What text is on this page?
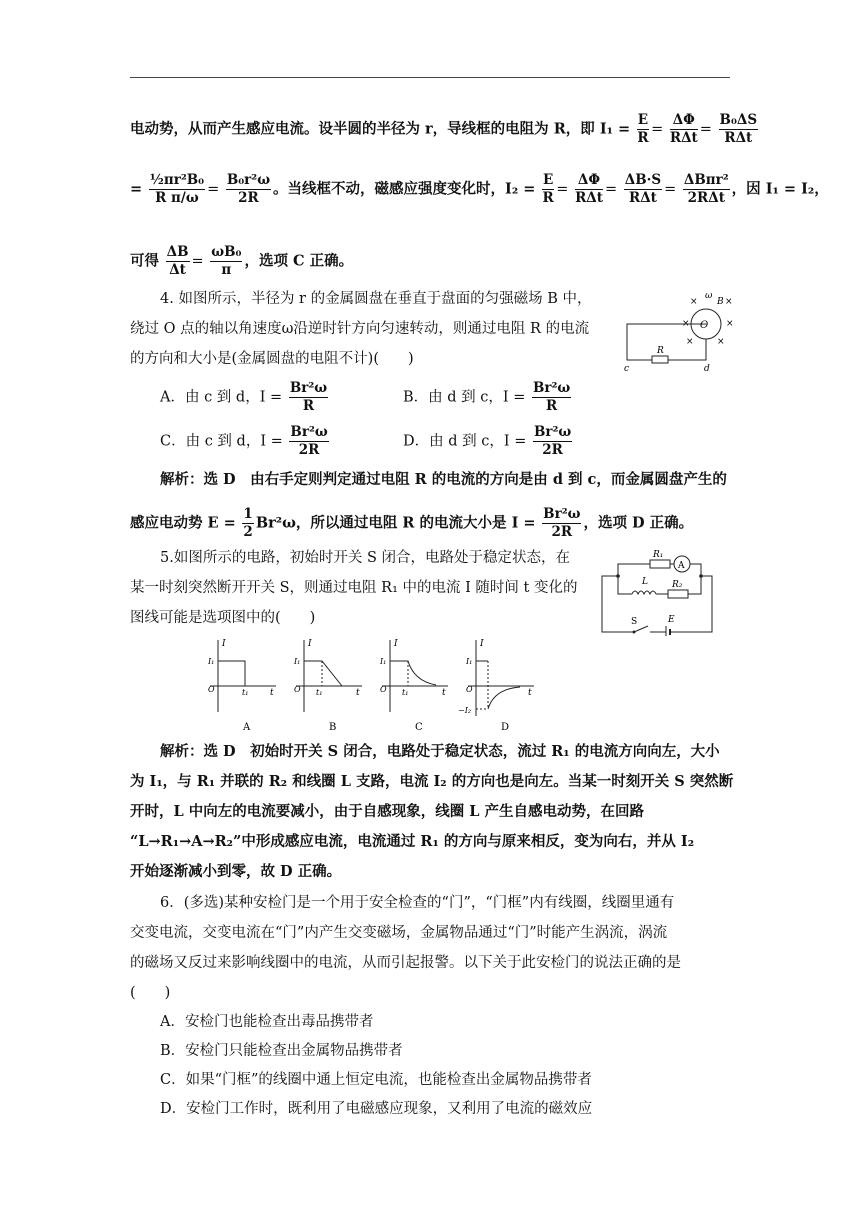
电动势，从而产生感应电流。设半圆的半径为 r，导线框的电阻为 R，即 $I_1 = \frac{E}{R} = \frac{\Delta\Phi}{\text{RΔt}} = \frac{\text{B₀ΔS}}{\text{RΔt}}$
= $\frac{\text{½πr²B₀}}{\text{R π/ω}} = \frac{\text{B₀r²ω}}{2R}$ 。当线框不动，磁感应强度变化时，$I_2 = \frac{E}{R} = \frac{\Delta\Phi}{\text{RΔt}} = \frac{\Delta B\cdot S}{\text{RΔt}} = \frac{\text{ΔBπr²}}{\text{2RΔt}}$ ，因 I₁ = I₂，
可得 $\frac{\Delta B}{\Delta t} = \frac{\text{ωB₀}}{\pi}$ ，选项 C 正确。
4. 如图所示，半径为 r 的金属圆盘在垂直于盘面的匀强磁场 B 中，
绕过 O 点的轴以角速度ω沿逆时针方向匀速转动，则通过电阻 R 的电流
的方向和大小是(金属圆盘的电阻不计)(　　)
×
ω
B ×
×	×
×	×
O
R
c	d
A．由 c 到 d，$I = \frac{\text{Br²ω}}{R}$	B．由 d 到 c，$I = \frac{\text{Br²ω}}{R}$
C．由 c 到 d，$I = \frac{\text{Br²ω}}{2R}$	D．由 d 到 c，$I = \frac{\text{Br²ω}}{2R}$
解析：选 D　 由右手定则判定通过电阻 R 的电流的方向是由 d 到 c，而金属圆盘产生的
感应电动势 $E = \frac{1}{2} Br^2\omega$，所以通过电阻 R 的电流大小是 $I = \frac{\text{Br²ω}}{2R}$ ，选项 D 正确。
5.如图所示的电路，初始时开关 S 闭合，电路处于稳定状态，在
某一时刻突然断开开关 S，则通过电阻 R₁ 中的电流 I 随时间 t 变化的
图线可能是选项图中的(　　)
R₁
A
L	R₂
S	E
I
I₁
O	t
t₁
A
I
I₁
O	t
t₁
B
I
I₁
O	t
t₁
C
I
I₁
O	t
−I₂
D
解析：选 D　 初始时开关 S 闭合，电路处于稳定状态，流过 R₁ 的电流方向向左，大小
为 I₁，与 R₁ 并联的 R₂ 和线圈 L 支路，电流 I₂ 的方向也是向左。当某一时刻开关 S 突然断
开时，L 中向左的电流要减小，由于自感现象，线圈 L 产生自感电动势，在回路
“L→R₁→A→R₂”中形成感应电流，电流通过 R₁ 的方向与原来相反，变为向右，并从 I₂
开始逐渐减小到零，故 D 正确。
6．(多选)某种安检门是一个用于安全检查的“门”，“门框”内有线圈，线圈里通有
交变电流，交变电流在“门”内产生交变磁场，金属物品通过“门”时能产生涡流，涡流
的磁场又反过来影响线圈中的电流，从而引起报警。以下关于此安检门的说法正确的是
(　　)
A．安检门也能检查出毒品携带者
B．安检门只能检查出金属物品携带者
C．如果“门框”的线圈中通上恒定电流，也能检查出金属物品携带者
D．安检门工作时，既利用了电磁感应现象，又利用了电流的磁效应
